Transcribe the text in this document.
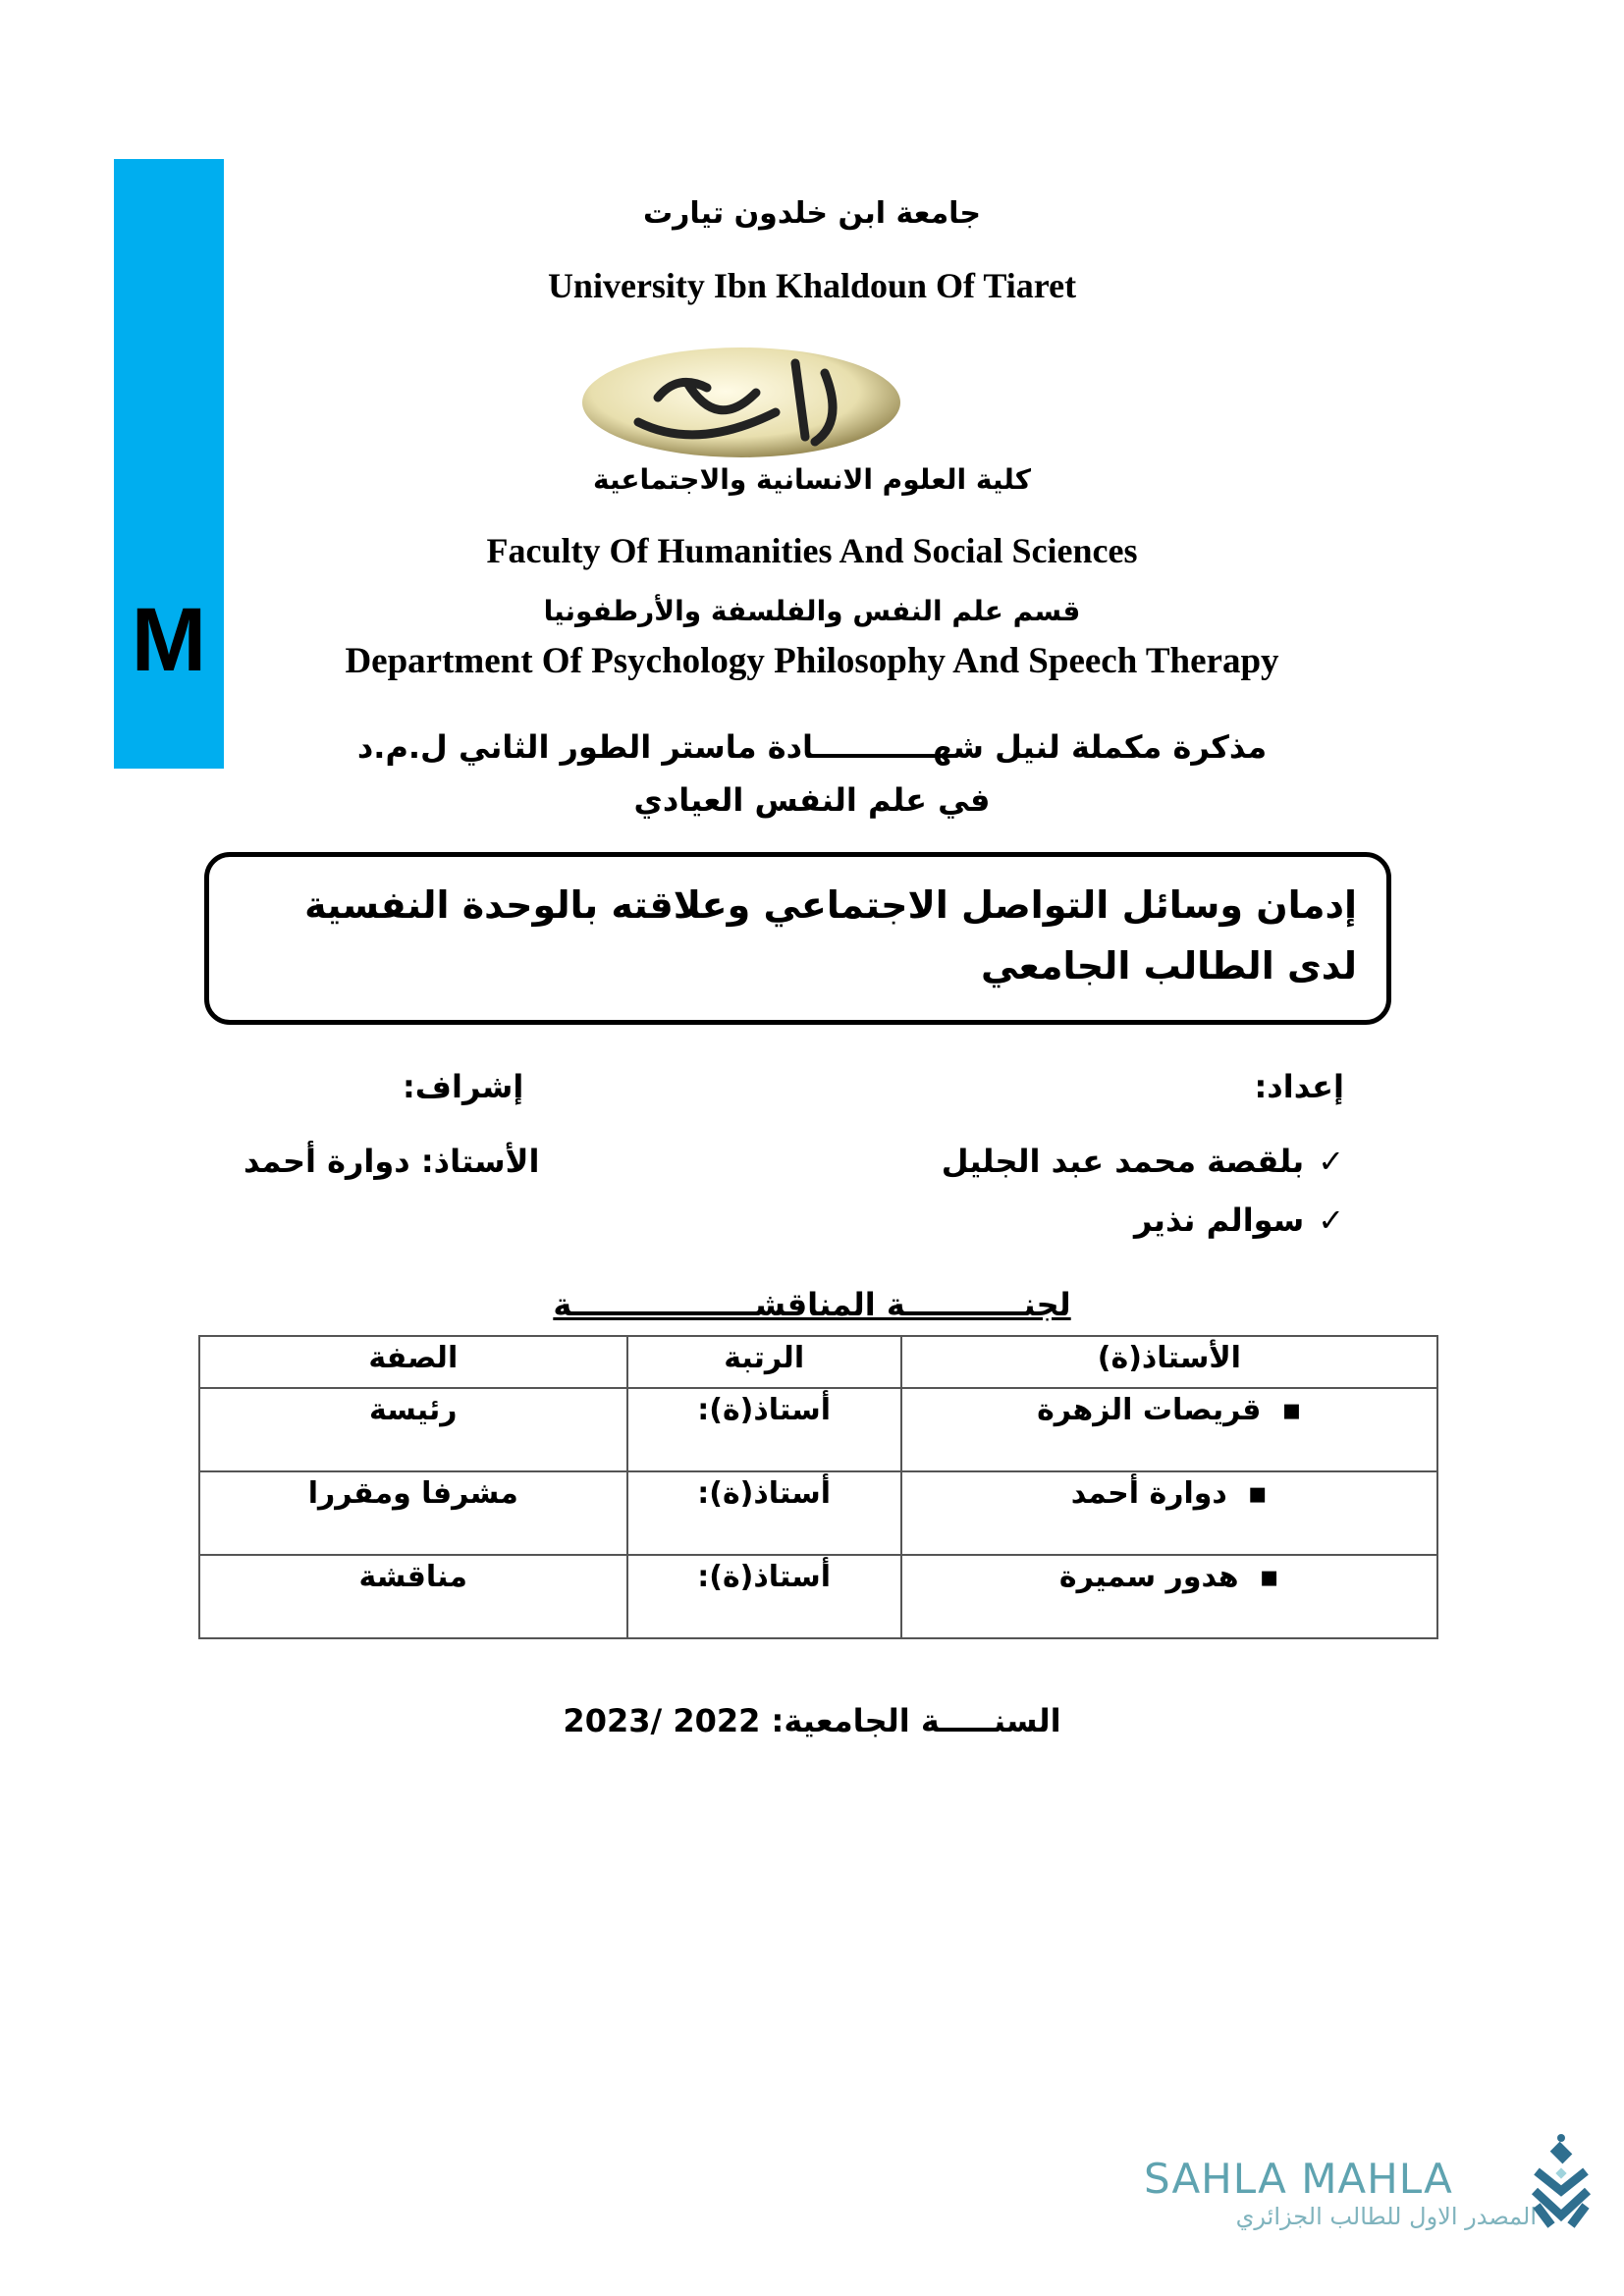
M
جامعة ابن خلدون تيارت
University Ibn Khaldoun Of Tiaret
كلية العلوم الانسانية والاجتماعية
Faculty Of Humanities And Social Sciences
قسم علم النفس والفلسفة والأرطفونيا
Department Of Psychology Philosophy And Speech Therapy
مذكرة مكملة لنيل شهـــــــــــادة ماستر الطور الثاني ل.م.د
في علم النفس العيادي
إدمان وسائل التواصل الاجتماعي وعلاقته بالوحدة النفسية لدى الطالب الجامعي
إعداد:
إشراف:
✓بلقصة محمد عبد الجليل
✓سوالم نذير
الأستاذ: دوارة أحمد
لجنـــــــــــة المناقشـــــــــــــــــة
الأستاذ(ة)	الرتبة	الصفة
▪  قريصات الزهرة	أستاذ(ة):	رئيسة
▪  دوارة أحمد	أستاذ(ة):	مشرفا ومقررا
▪  هدور سميرة	أستاذ(ة):	مناقشة
السنـــــة الجامعية: 2022 /2023
SAHLA MAHLA
المصدر الاول للطالب الجزائري
